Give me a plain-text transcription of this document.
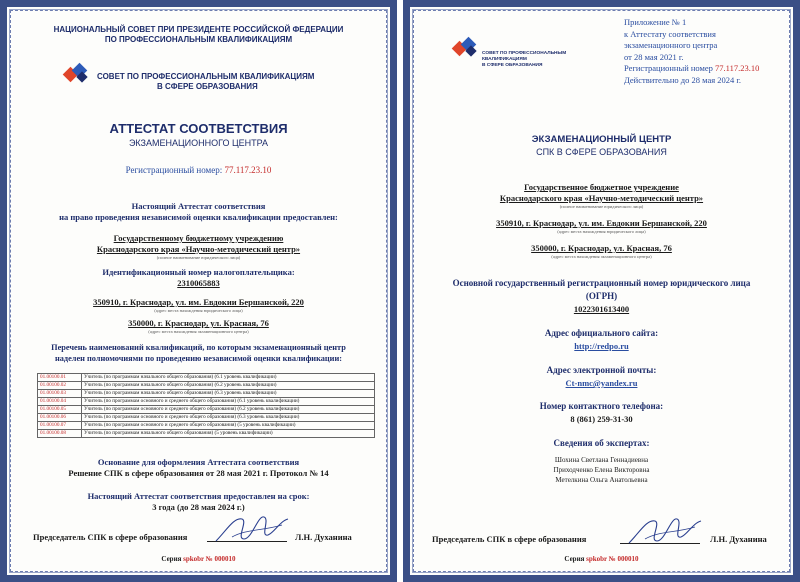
НАЦИОНАЛЬНЫЙ СОВЕТ ПРИ ПРЕЗИДЕНТЕ РОССИЙСКОЙ ФЕДЕРАЦИИ
ПО ПРОФЕССИОНАЛЬНЫМ КВАЛИФИКАЦИЯМ
СОВЕТ ПО ПРОФЕССИОНАЛЬНЫМ КВАЛИФИКАЦИЯМ
В СФЕРЕ ОБРАЗОВАНИЯ
АТТЕСТАТ СООТВЕТСТВИЯ
ЭКЗАМЕНАЦИОННОГО ЦЕНТРА
Регистрационный номер: 77.117.23.10
Настоящий Аттестат соответствия
на право проведения независимой оценки квалификации предоставлен:
Государственному бюджетному учреждению
Краснодарского края «Научно-методический центр»
(полное наименование юридического лица)
Идентификационный номер налогоплательщика:
2310065883
350910, г. Краснодар, ул. им. Евдокии Бершанской, 220
(адрес места нахождения юридического лица)
350000, г. Краснодар, ул. Красная, 76
(адрес места нахождения экзаменационного центра)
Перечень наименований квалификаций, по которым экзаменационный центр
наделен полномочиями по проведению независимой оценки квалификации:
01.00100.01	Учитель (по программам начального общего образования) (6.1 уровень квалификации)
01.00100.02	Учитель (по программам начального общего образования) (6.2 уровень квалификации)
01.00100.03	Учитель (по программам начального общего образования) (6.3 уровень квалификации)
01.00100.04	Учитель (по программам основного и среднего общего образования) (6.1 уровень квалификации)
01.00100.05	Учитель (по программам основного и среднего общего образования) (6.2 уровень квалификации)
01.00100.06	Учитель (по программам основного и среднего общего образования) (6.3 уровень квалификации)
01.00100.07	Учитель (по программам основного и среднего общего образования) (5 уровень квалификации)
01.00100.08	Учитель (по программам начального общего образования) (5 уровень квалификации)
Основание для оформления Аттестата соответствия
Решение СПК в сфере образования от 28 мая 2021 г. Протокол № 14
Настоящий Аттестат соответствия предоставлен на срок:
3 года (до 28 мая 2024 г.)
Председатель СПК в сфере образования	Л.Н. Духанина
Серия spkobr № 000010
СОВЕТ ПО ПРОФЕССИОНАЛЬНЫМ
КВАЛИФИКАЦИЯМ
В СФЕРЕ ОБРАЗОВАНИЯ
Приложение № 1
к Аттестату соответствия
экзаменационного центра
от 28 мая 2021 г.
Регистрационный номер 77.117.23.10
Действительно до 28 мая 2024 г.
ЭКЗАМЕНАЦИОННЫЙ ЦЕНТР
СПК В СФЕРЕ ОБРАЗОВАНИЯ
Государственное бюджетное учреждение
Краснодарского края «Научно-методический центр»
(полное наименование юридического лица)
350910, г. Краснодар, ул. им. Евдокии Бершанской, 220
(адрес места нахождения юридического лица)
350000, г. Краснодар, ул. Красная, 76
(адрес места нахождения экзаменационного центра)
Основной государственный регистрационный номер юридического лица
(ОГРН)
1022301613400
Адрес официального сайта:
http://redpo.ru
Адрес электронной почты:
Ct-nmc@yandex.ru
Номер контактного телефона:
8 (861) 259-31-30
Сведения об экспертах:
Шохина Светлана Геннадиевна
Приходченко Елена Викторовна
Метелкина Ольга Анатольевна
Председатель СПК в сфере образования	Л.Н. Духанина
Серия spkobr № 000010
